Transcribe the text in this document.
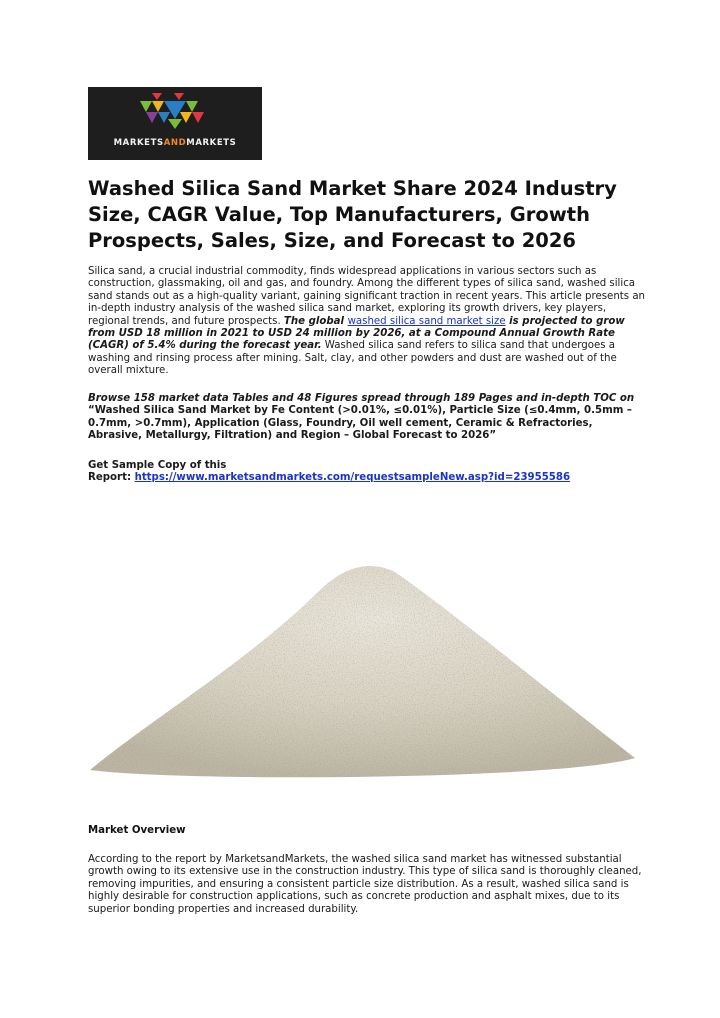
MARKETSANDMARKETS
Washed Silica Sand Market Share 2024 Industry Size, CAGR Value, Top Manufacturers, Growth Prospects, Sales, Size, and Forecast to 2026

Silica sand, a crucial industrial commodity, finds widespread applications in various sectors such as construction, glassmaking, oil and gas, and foundry. Among the different types of silica sand, washed silica sand stands out as a high-quality variant, gaining significant traction in recent years. This article presents an in-depth industry analysis of the washed silica sand market, exploring its growth drivers, key players, regional trends, and future prospects. The global washed silica sand market size is projected to grow from USD 18 million in 2021 to USD 24 million by 2026, at a Compound Annual Growth Rate (CAGR) of 5.4% during the forecast year. Washed silica sand refers to silica sand that undergoes a washing and rinsing process after mining. Salt, clay, and other powders and dust are washed out of the overall mixture.

Browse 158 market data Tables and 48 Figures spread through 189 Pages and in-depth TOC on “Washed Silica Sand Market by Fe Content (>0.01%, ≤0.01%), Particle Size (≤0.4mm, 0.5mm – 0.7mm, >0.7mm), Application (Glass, Foundry, Oil well cement, Ceramic & Refractories, Abrasive, Metallurgy, Filtration) and Region – Global Forecast to 2026”

Get Sample Copy of this
Report: https://www.marketsandmarkets.com/requestsampleNew.asp?id=23955586

Market Overview

According to the report by MarketsandMarkets, the washed silica sand market has witnessed substantial growth owing to its extensive use in the construction industry. This type of silica sand is thoroughly cleaned, removing impurities, and ensuring a consistent particle size distribution. As a result, washed silica sand is highly desirable for construction applications, such as concrete production and asphalt mixes, due to its superior bonding properties and increased durability.
